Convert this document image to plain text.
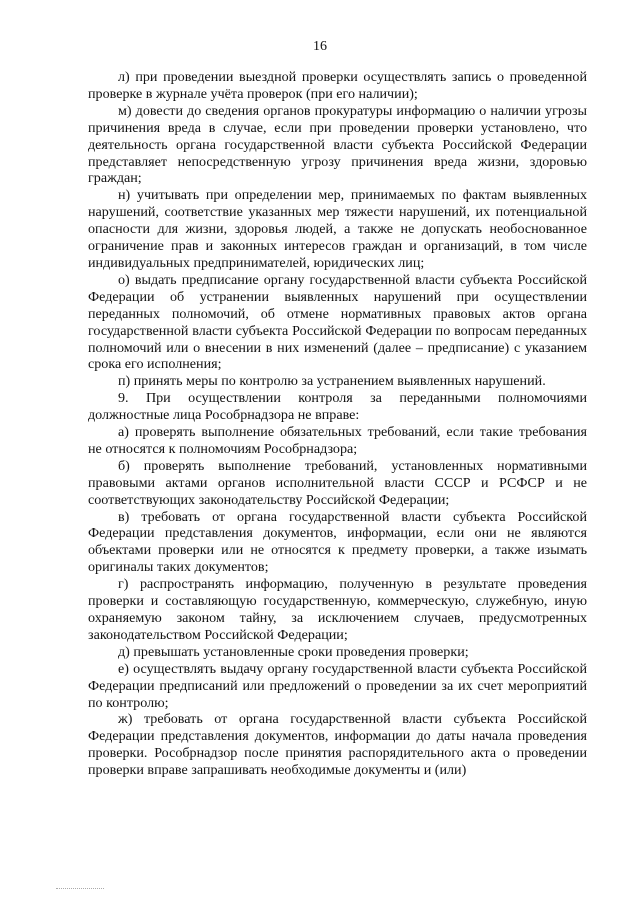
16

л) при проведении выездной проверки осуществлять запись о проведенной проверке в журнале учёта проверок (при его наличии);

м) довести до сведения органов прокуратуры информацию о наличии угрозы причинения вреда в случае, если при проведении проверки установлено, что деятельность органа государственной власти субъекта Российской Федерации представляет непосредственную угрозу причинения вреда жизни, здоровью граждан;

н) учитывать при определении мер, принимаемых по фактам выявленных нарушений, соответствие указанных мер тяжести нарушений, их потенциальной опасности для жизни, здоровья людей, а также не допускать необоснованное ограничение прав и законных интересов граждан и организаций, в том числе индивидуальных предпринимателей, юридических лиц;

о) выдать предписание органу государственной власти субъекта Российской Федерации об устранении выявленных нарушений при осуществлении переданных полномочий, об отмене нормативных правовых актов органа государственной власти субъекта Российской Федерации по вопросам переданных полномочий или о внесении в них изменений (далее – предписание) с указанием срока его исполнения;

п) принять меры по контролю за устранением выявленных нарушений.

9. При осуществлении контроля за переданными полномочиями должностные лица Рособрнадзора не вправе:

а) проверять выполнение обязательных требований, если такие требования не относятся к полномочиям Рособрнадзора;

б) проверять выполнение требований, установленных нормативными правовыми актами органов исполнительной власти СССР и РСФСР и не соответствующих законодательству Российской Федерации;

в) требовать от органа государственной власти субъекта Российской Федерации представления документов, информации, если они не являются объектами проверки или не относятся к предмету проверки, а также изымать оригиналы таких документов;

г) распространять информацию, полученную в результате проведения проверки и составляющую государственную, коммерческую, служебную, иную охраняемую законом тайну, за исключением случаев, предусмотренных законодательством Российской Федерации;

д) превышать установленные сроки проведения проверки;

е) осуществлять выдачу органу государственной власти субъекта Российской Федерации предписаний или предложений о проведении за их счет мероприятий по контролю;

ж) требовать от органа государственной власти субъекта Российской Федерации представления документов, информации до даты начала проведения проверки. Рособрнадзор после принятия распорядительного акта о проведении проверки вправе запрашивать необходимые документы и (или)
